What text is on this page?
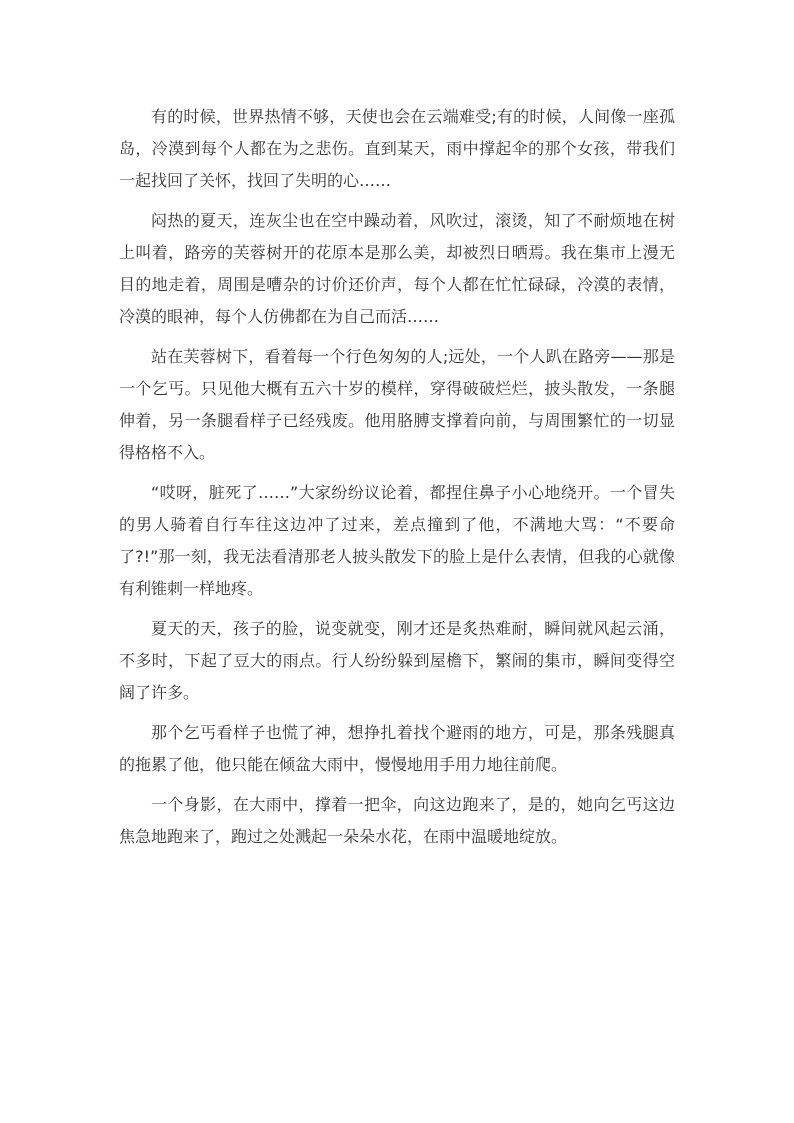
有的时候，世界热情不够，天使也会在云端难受;有的时候，人间像一座孤岛，冷漠到每个人都在为之悲伤。直到某天，雨中撑起伞的那个女孩，带我们一起找回了关怀，找回了失明的心……

闷热的夏天，连灰尘也在空中躁动着，风吹过，滚烫，知了不耐烦地在树上叫着，路旁的芙蓉树开的花原本是那么美，却被烈日晒焉。我在集市上漫无目的地走着，周围是嘈杂的讨价还价声，每个人都在忙忙碌碌，冷漠的表情，冷漠的眼神，每个人仿佛都在为自己而活……

站在芙蓉树下，看着每一个行色匆匆的人;远处，一个人趴在路旁——那是一个乞丐。只见他大概有五六十岁的模样，穿得破破烂烂，披头散发，一条腿伸着，另一条腿看样子已经残废。他用胳膊支撑着向前，与周围繁忙的一切显得格格不入。

“哎呀，脏死了……”大家纷纷议论着，都捏住鼻子小心地绕开。一个冒失的男人骑着自行车往这边冲了过来，差点撞到了他，不满地大骂：“不要命了?!”那一刻，我无法看清那老人披头散发下的脸上是什么表情，但我的心就像有利锥刺一样地疼。

夏天的天，孩子的脸，说变就变，刚才还是炙热难耐，瞬间就风起云涌，不多时，下起了豆大的雨点。行人纷纷躲到屋檐下，繁闹的集市，瞬间变得空阔了许多。

那个乞丐看样子也慌了神，想挣扎着找个避雨的地方，可是，那条残腿真的拖累了他，他只能在倾盆大雨中，慢慢地用手用力地往前爬。

一个身影，在大雨中，撑着一把伞，向这边跑来了，是的，她向乞丐这边焦急地跑来了，跑过之处溅起一朵朵水花，在雨中温暖地绽放。
